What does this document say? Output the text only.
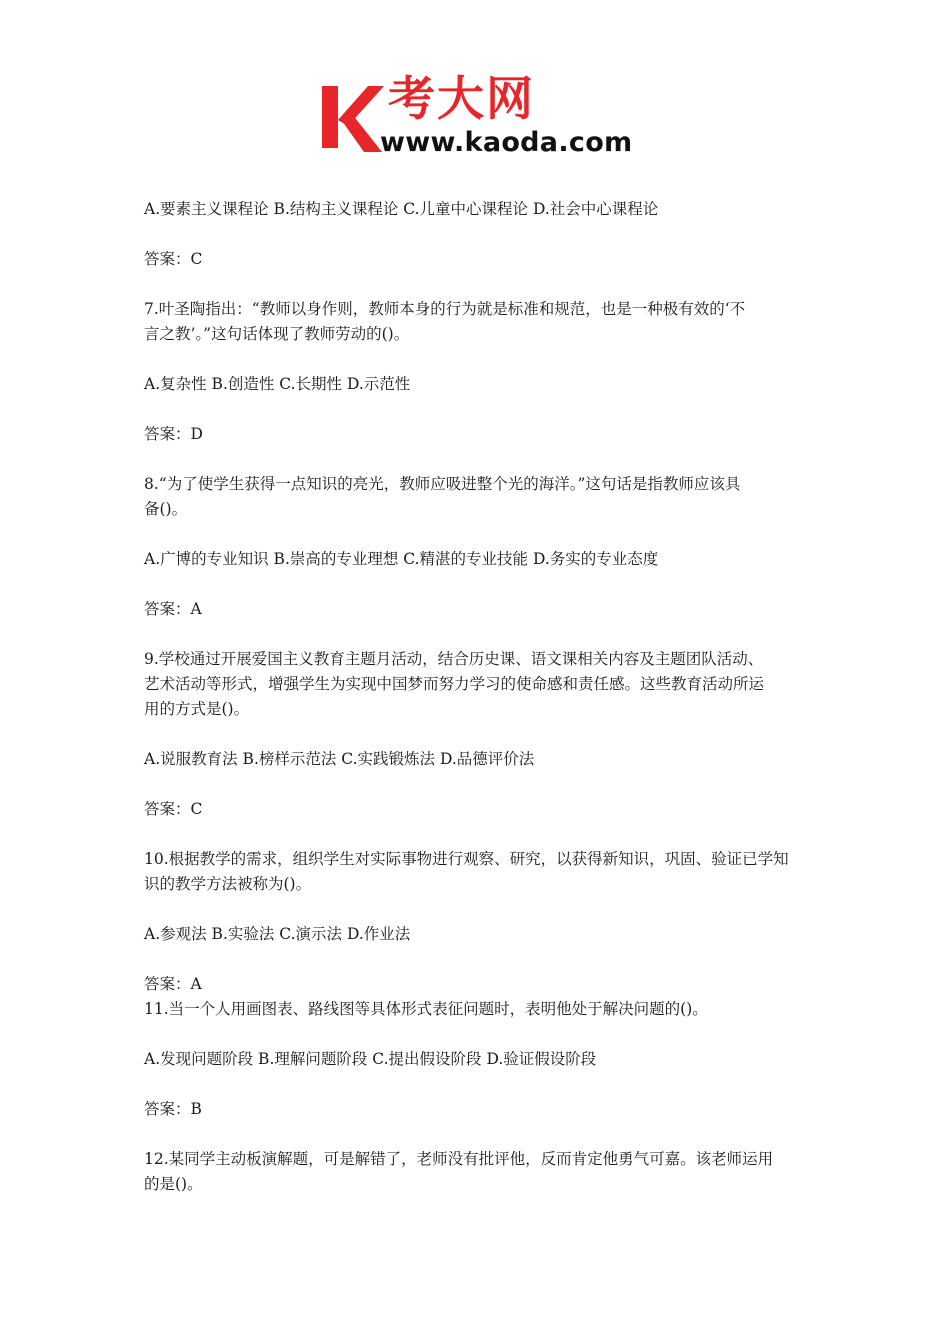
考大网
www.kaoda.com

A.要素主义课程论 B.结构主义课程论 C.儿童中心课程论 D.社会中心课程论

答案：C

7.叶圣陶指出：“教师以身作则，教师本身的行为就是标准和规范，也是一种极有效的‘不

言之教’。”这句话体现了教师劳动的()。

A.复杂性 B.创造性 C.长期性 D.示范性

答案：D

8.“为了使学生获得一点知识的亮光，教师应吸进整个光的海洋。”这句话是指教师应该具

备()。

A.广博的专业知识 B.崇高的专业理想 C.精湛的专业技能 D.务实的专业态度

答案：A

9.学校通过开展爱国主义教育主题月活动，结合历史课、语文课相关内容及主题团队活动、

艺术活动等形式，增强学生为实现中国梦而努力学习的使命感和责任感。这些教育活动所运

用的方式是()。

A.说服教育法 B.榜样示范法 C.实践锻炼法 D.品德评价法

答案：C

10.根据教学的需求，组织学生对实际事物进行观察、研究，以获得新知识，巩固、验证已学知

识的教学方法被称为()。

A.参观法 B.实验法 C.演示法 D.作业法

答案：A

11.当一个人用画图表、路线图等具体形式表征问题时，表明他处于解决问题的()。

A.发现问题阶段 B.理解问题阶段 C.提出假设阶段 D.验证假设阶段

答案：B

12.某同学主动板演解题，可是解错了，老师没有批评他，反而肯定他勇气可嘉。该老师运用

的是()。
